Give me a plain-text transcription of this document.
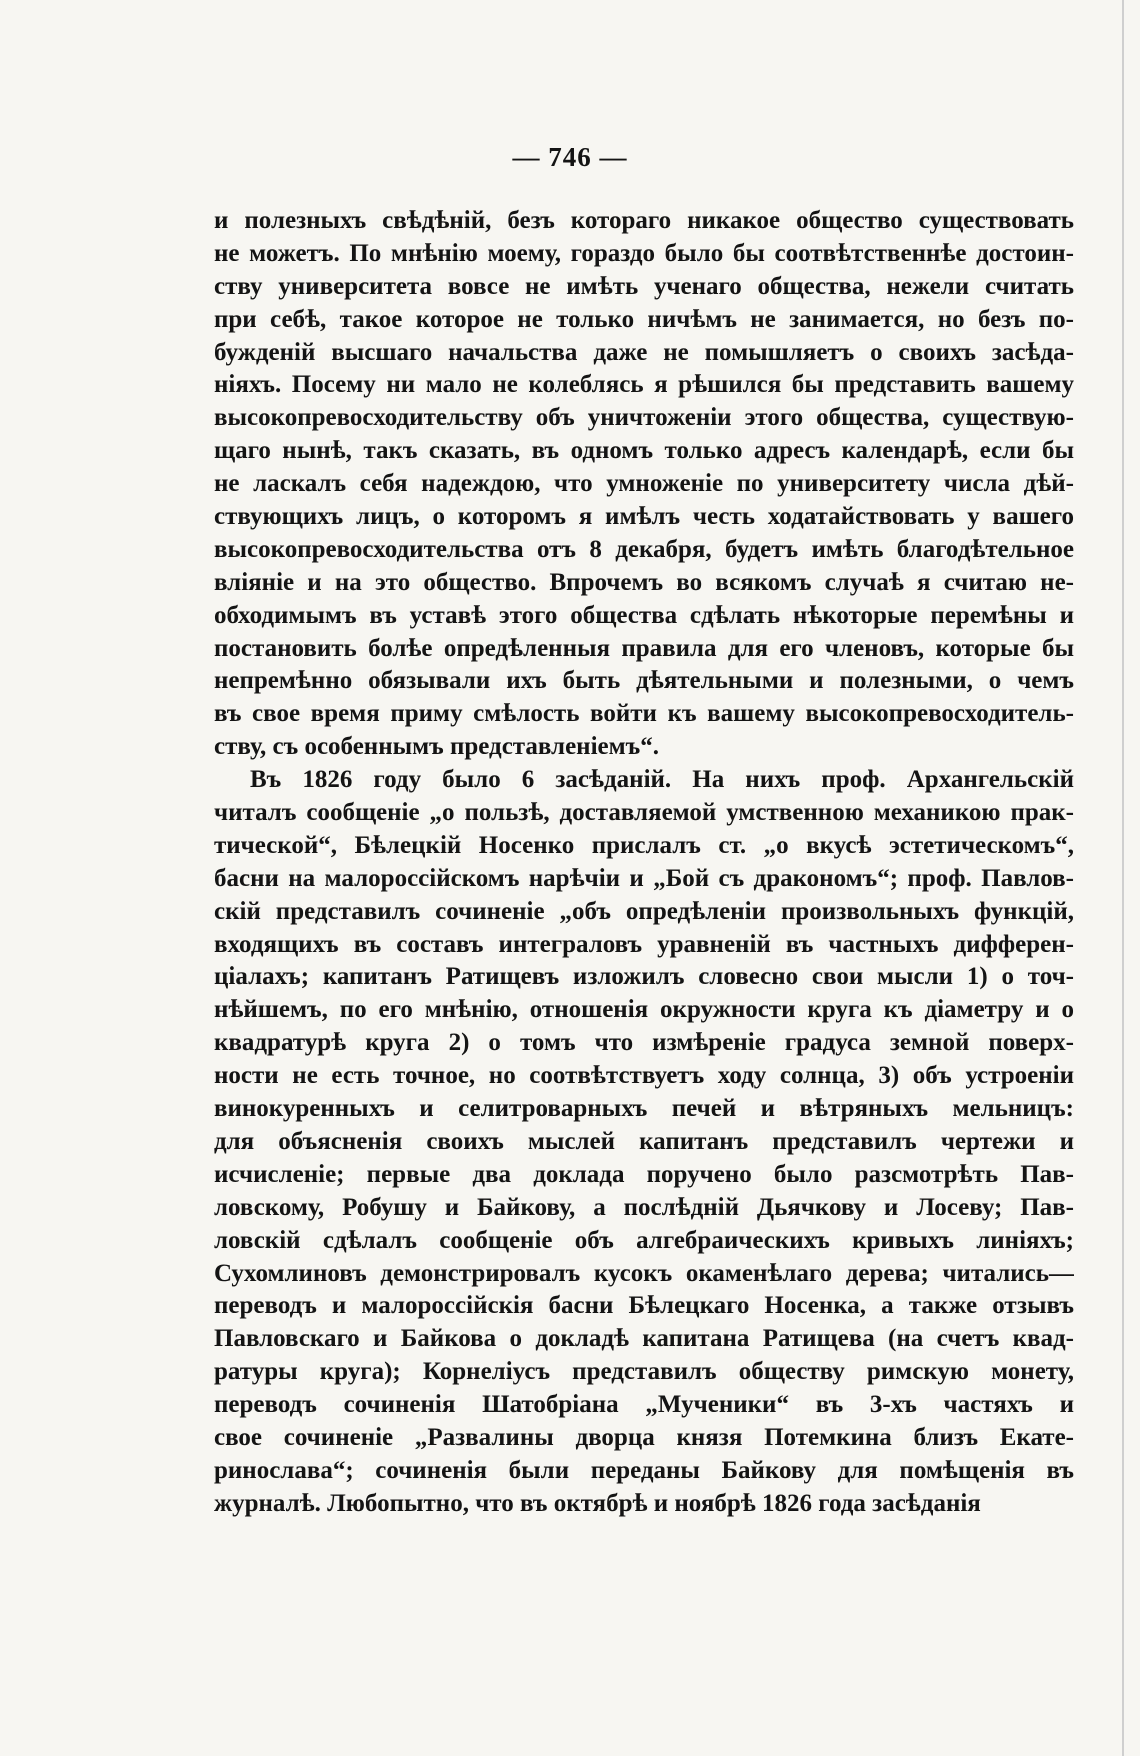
— 746 —
и полезныхъ свѣдѣній, безъ котораго никакое общество существовать
не можетъ. По мнѣнію моему, гораздо было бы соотвѣтственнѣе достоин-
ству университета вовсе не имѣть ученаго общества, нежели считать
при себѣ, такое которое не только ничѣмъ не занимается, но безъ по-
бужденій высшаго начальства даже не помышляетъ о своихъ засѣда-
ніяхъ. Посему ни мало не колеблясь я рѣшился бы представить вашему
высокопревосходительству объ уничтоженіи этого общества, существую-
щаго нынѣ, такъ сказать, въ одномъ только адресъ календарѣ, если бы
не ласкалъ себя надеждою, что умноженіе по университету числа дѣй-
ствующихъ лицъ, о которомъ я имѣлъ честь ходатайствовать у вашего
высокопревосходительства отъ 8 декабря, будетъ имѣть благодѣтельное
вліяніе и на это общество. Впрочемъ во всякомъ случаѣ я считаю не-
обходимымъ въ уставѣ этого общества сдѣлать нѣкоторые перемѣны и
постановить болѣе опредѣленныя правила для его членовъ, которые бы
непремѣнно обязывали ихъ быть дѣятельными и полезными, о чемъ
въ свое время приму смѣлость войти къ вашему высокопревосходитель-
ству, съ особеннымъ представленіемъ“.
Въ 1826 году было 6 засѣданій. На нихъ проф. Архангельскій
читалъ сообщеніе „о пользѣ, доставляемой умственною механикою прак-
тической“, Бѣлецкій Носенко прислалъ ст. „о вкусѣ эстетическомъ“,
басни на малороссійскомъ нарѣчіи и „Бой съ дракономъ“; проф. Павлов-
скій представилъ сочиненіе „объ опредѣленіи произвольныхъ функцій,
входящихъ въ составъ интеграловъ уравненій въ частныхъ дифферен-
ціалахъ; капитанъ Ратищевъ изложилъ словесно свои мысли 1) о точ-
нѣйшемъ, по его мнѣнію, отношенія окружности круга къ діаметру и о
квадратурѣ круга 2) о томъ что измѣреніе градуса земной поверх-
ности не есть точное, но соотвѣтствуетъ ходу солнца, 3) объ устроеніи
винокуренныхъ и селитроварныхъ печей и вѣтряныхъ мельницъ:
для объясненія своихъ мыслей капитанъ представилъ чертежи и
исчисленіе; первые два доклада поручено было разсмотрѣть Пав-
ловскому, Робушу и Байкову, а послѣдній Дьячкову и Лосеву; Пав-
ловскій сдѣлалъ сообщеніе объ алгебраическихъ кривыхъ линіяхъ;
Сухомлиновъ демонстрировалъ кусокъ окаменѣлаго дерева; читались—
переводъ и малороссійскія басни Бѣлецкаго Носенка, а также отзывъ
Павловскаго и Байкова о докладѣ капитана Ратищева (на счетъ квад-
ратуры круга); Корнеліусъ представилъ обществу римскую монету,
переводъ сочиненія Шатобріана „Мученики“ въ 3-хъ частяхъ и
свое сочиненіе „Развалины дворца князя Потемкина близъ Екате-
ринослава“; сочиненія были переданы Байкову для помѣщенія въ
журналѣ. Любопытно, что въ октябрѣ и ноябрѣ 1826 года засѣданія
